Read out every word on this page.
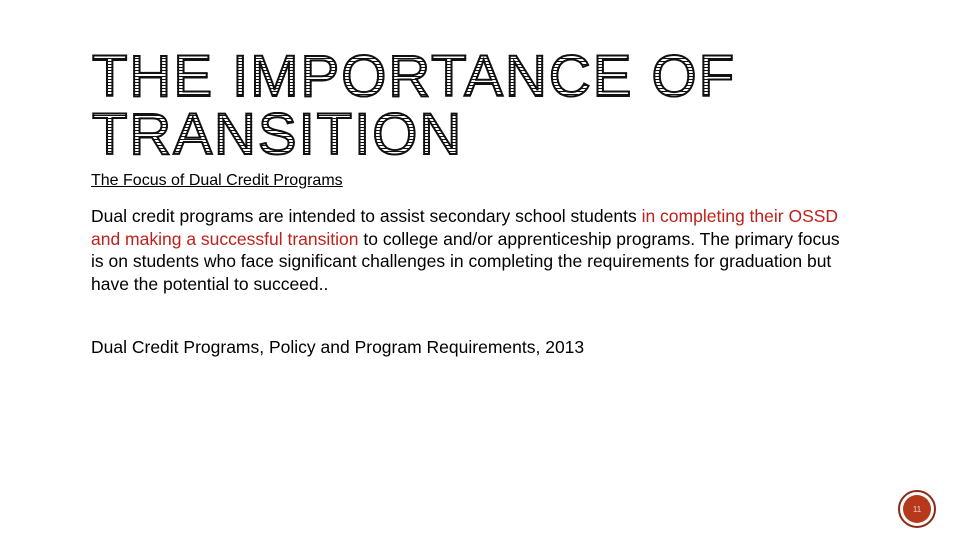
THE IMPORTANCE OF
TRANSITION
The Focus of Dual Credit Programs

Dual credit programs are intended to assist secondary school students in completing their OSSD and making a successful transition to college and/or apprenticeship programs. The primary focus is on students who face significant challenges in completing the requirements for graduation but have the potential to succeed..

Dual Credit Programs, Policy and Program Requirements, 2013
11
